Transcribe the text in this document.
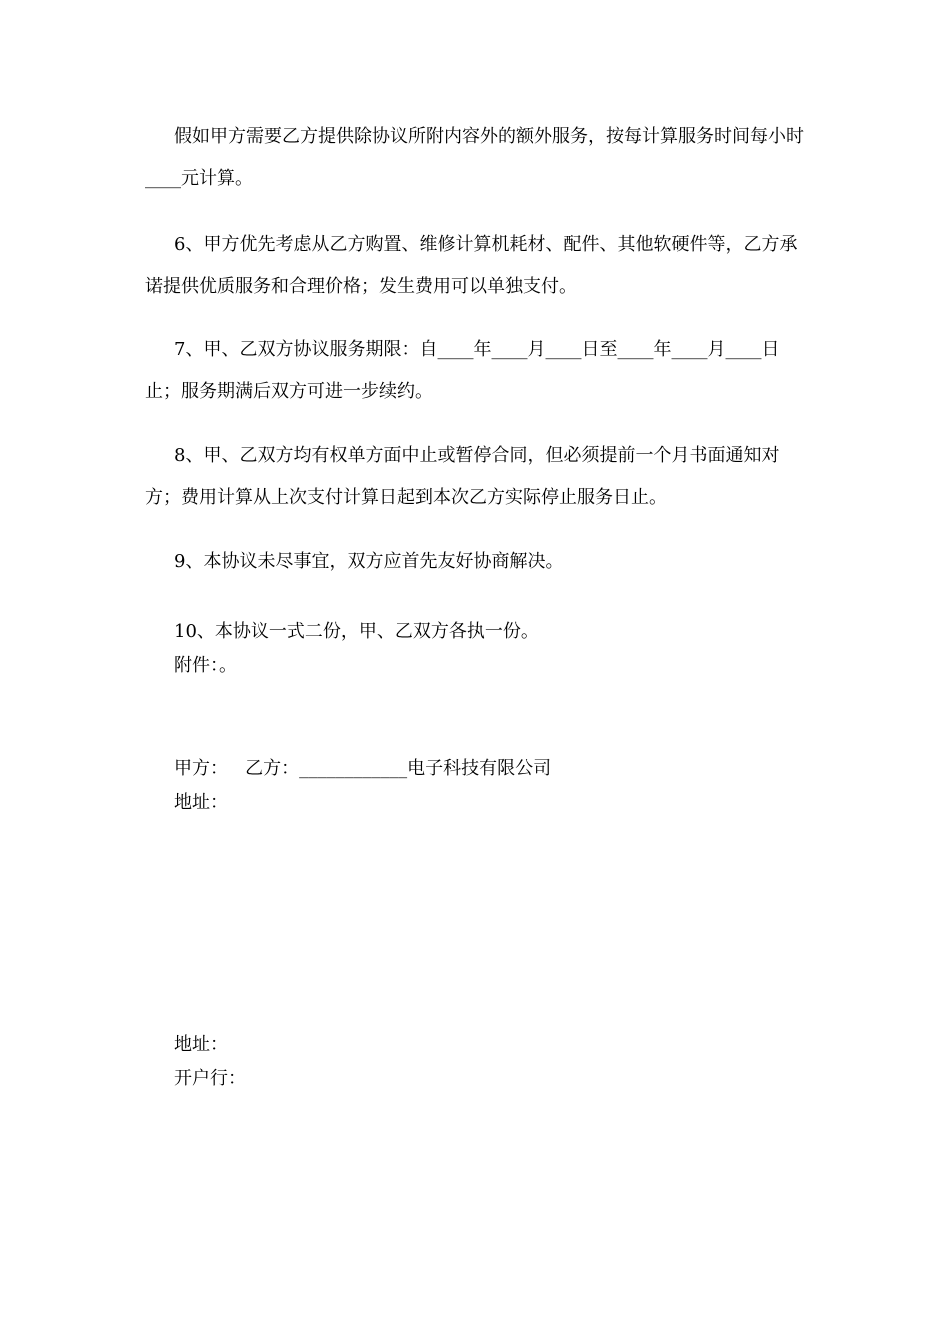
假如甲方需要乙方提供除协议所附内容外的额外服务，按每计算服务时间每小时____元计算。
6、甲方优先考虑从乙方购置、维修计算机耗材、配件、其他软硬件等，乙方承诺提供优质服务和合理价格；发生费用可以单独支付。
7、甲、乙双方协议服务期限：自____年____月____日至____年____月____日止；服务期满后双方可进一步续约。
8、甲、乙双方均有权单方面中止或暂停合同，但必须提前一个月书面通知对方；费用计算从上次支付计算日起到本次乙方实际停止服务日止。
9、本协议未尽事宜，双方应首先友好协商解决。
10、本协议一式二份，甲、乙双方各执一份。
附件：。
甲方：   乙方：____________电子科技有限公司
地址：
地址：
开户行：
